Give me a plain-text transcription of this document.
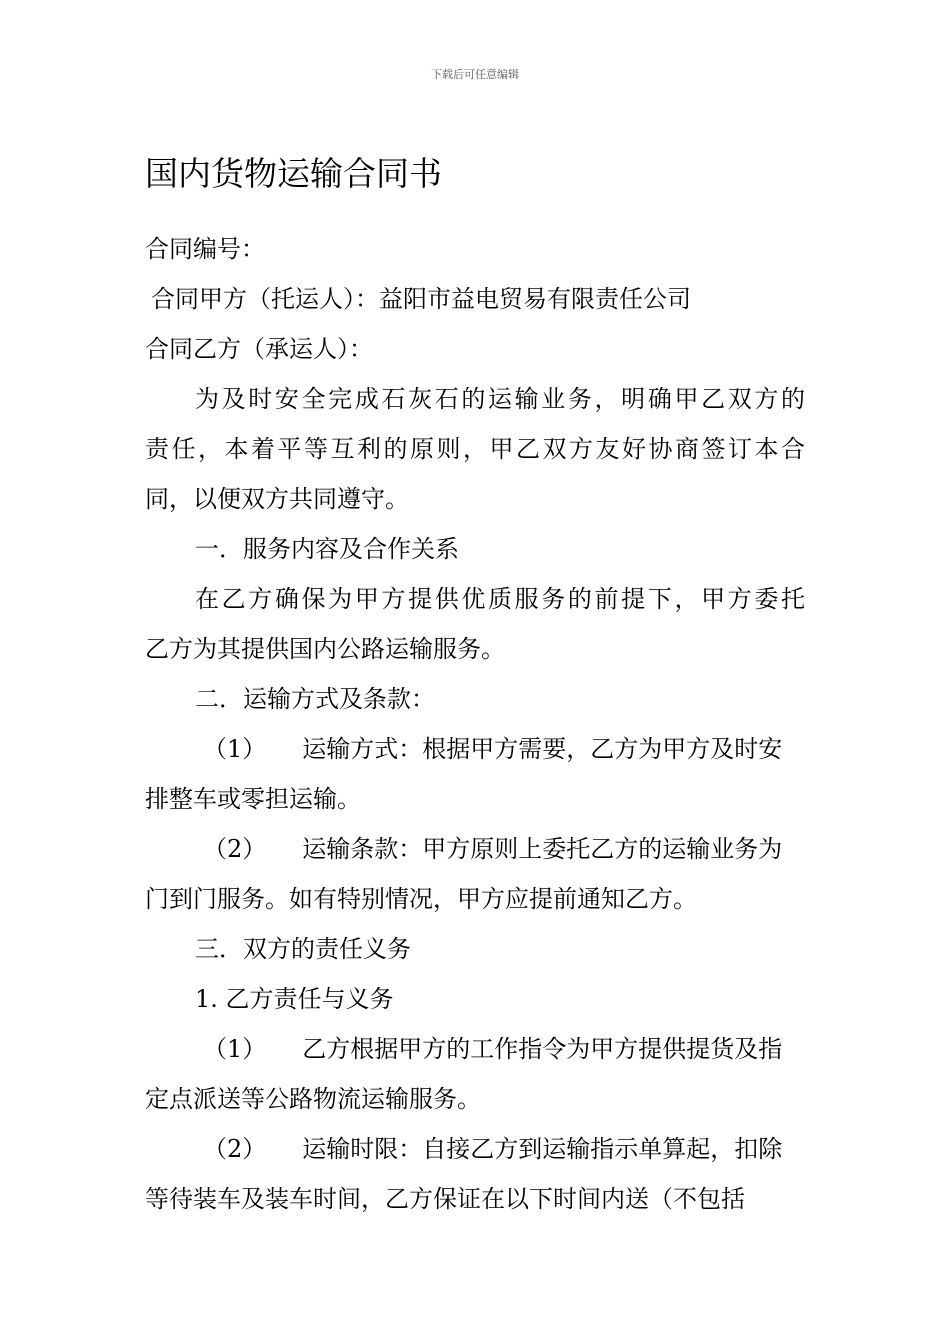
下载后可任意编辑
国内货物运输合同书
合同编号：
合同甲方（托运人）：益阳市益电贸易有限责任公司
合同乙方（承运人）：
为及时安全完成石灰石的运输业务，明确甲乙双方的
责任，本着平等互利的原则，甲乙双方友好协商签订本合
同，以便双方共同遵守。
一．服务内容及合作关系
在乙方确保为甲方提供优质服务的前提下，甲方委托
乙方为其提供国内公路运输服务。
二．运输方式及条款：
（1） 运输方式：根据甲方需要，乙方为甲方及时安
排整车或零担运输。
（2） 运输条款：甲方原则上委托乙方的运输业务为
门到门服务。如有特别情况，甲方应提前通知乙方。
三．双方的责任义务
1. 乙方责任与义务
（1） 乙方根据甲方的工作指令为甲方提供提货及指
定点派送等公路物流运输服务。
（2） 运输时限：自接乙方到运输指示单算起，扣除
等待装车及装车时间，乙方保证在以下时间内送（不包括
